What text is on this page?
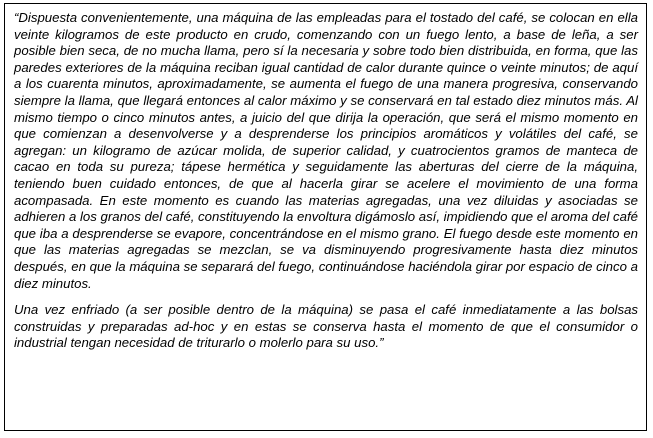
“Dispuesta convenientemente, una máquina de las empleadas para el tostado del café, se colocan en ella veinte kilogramos de este producto en crudo, comenzando con un fuego lento, a base de leña, a ser posible bien seca, de no mucha llama, pero sí la necesaria y sobre todo bien distribuida, en forma, que las paredes exteriores de la máquina reciban igual cantidad de calor durante quince o veinte minutos; de aquí a los cuarenta minutos, aproximadamente, se aumenta el fuego de una manera progresiva, conservando siempre la llama, que llegará entonces al calor máximo y se conservará en tal estado diez minutos más. Al mismo tiempo o cinco minutos antes, a juicio del que dirija la operación, que será el mismo momento en que comienzan a desenvolverse y a desprenderse los principios aromáticos y volátiles del café, se agregan: un kilogramo de azúcar molida, de superior calidad, y cuatrocientos gramos de manteca de cacao en toda su pureza; tápese hermética y seguidamente las aberturas del cierre de la máquina, teniendo buen cuidado entonces, de que al hacerla girar se acelere el movimiento de una forma acompasada. En este momento es cuando las materias agregadas, una vez diluidas y asociadas se adhieren a los granos del café, constituyendo la envoltura digámoslo así, impidiendo que el aroma del café que iba a desprenderse se evapore, concentrándose en el mismo grano. El fuego desde este momento en que las materias agregadas se mezclan, se va disminuyendo progresivamente hasta diez minutos después, en que la máquina se separará del fuego, continuándose haciéndola girar por espacio de cinco a diez minutos.

Una vez enfriado (a ser posible dentro de la máquina) se pasa el café inmediatamente a las bolsas construidas y preparadas ad-hoc y en estas se conserva hasta el momento de que el consumidor o industrial tengan necesidad de triturarlo o molerlo para su uso.”
